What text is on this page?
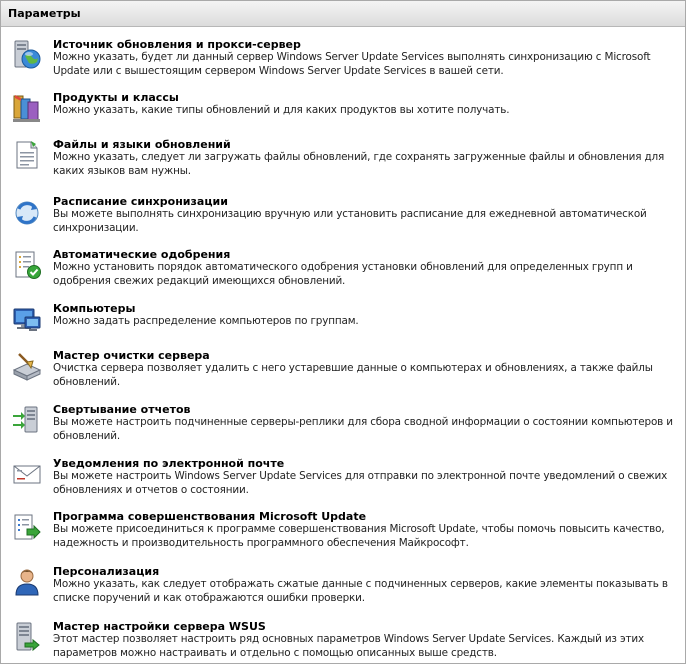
Параметры
Источник обновления и прокси-сервер
Можно указать, будет ли данный сервер Windows Server Update Services выполнять синхронизацию с Microsoft Update или с вышестоящим сервером Windows Server Update Services в вашей сети.
Продукты и классы
Можно указать, какие типы обновлений и для каких продуктов вы хотите получать.
Файлы и языки обновлений
Можно указать, следует ли загружать файлы обновлений, где сохранять загруженные файлы и обновления для каких языков вам нужны.
Расписание синхронизации
Вы можете выполнять синхронизацию вручную или установить расписание для ежедневной автоматической синхронизации.
Автоматические одобрения
Можно установить порядок автоматического одобрения установки обновлений для определенных групп и одобрения свежих редакций имеющихся обновлений.
Компьютеры
Можно задать распределение компьютеров по группам.
Мастер очистки сервера
Очистка сервера позволяет удалить с него устаревшие данные о компьютерах и обновлениях, а также файлы обновлений.
Свертывание отчетов
Вы можете настроить подчиненные серверы-реплики для сбора сводной информации о состоянии компьютеров и обновлений.
Уведомления по электронной почте
Вы можете настроить Windows Server Update Services для отправки по электронной почте уведомлений о свежих обновлениях и отчетов о состоянии.
Программа совершенствования Microsoft Update
Вы можете присоединиться к программе совершенствования Microsoft Update, чтобы помочь повысить качество, надежность и производительность программного обеспечения Майкрософт.
Персонализация
Можно указать, как следует отображать сжатые данные с подчиненных серверов, какие элементы показывать в списке поручений и как отображаются ошибки проверки.
Мастер настройки сервера WSUS
Этот мастер позволяет настроить ряд основных параметров Windows Server Update Services. Каждый из этих параметров можно настраивать и отдельно с помощью описанных выше средств.
